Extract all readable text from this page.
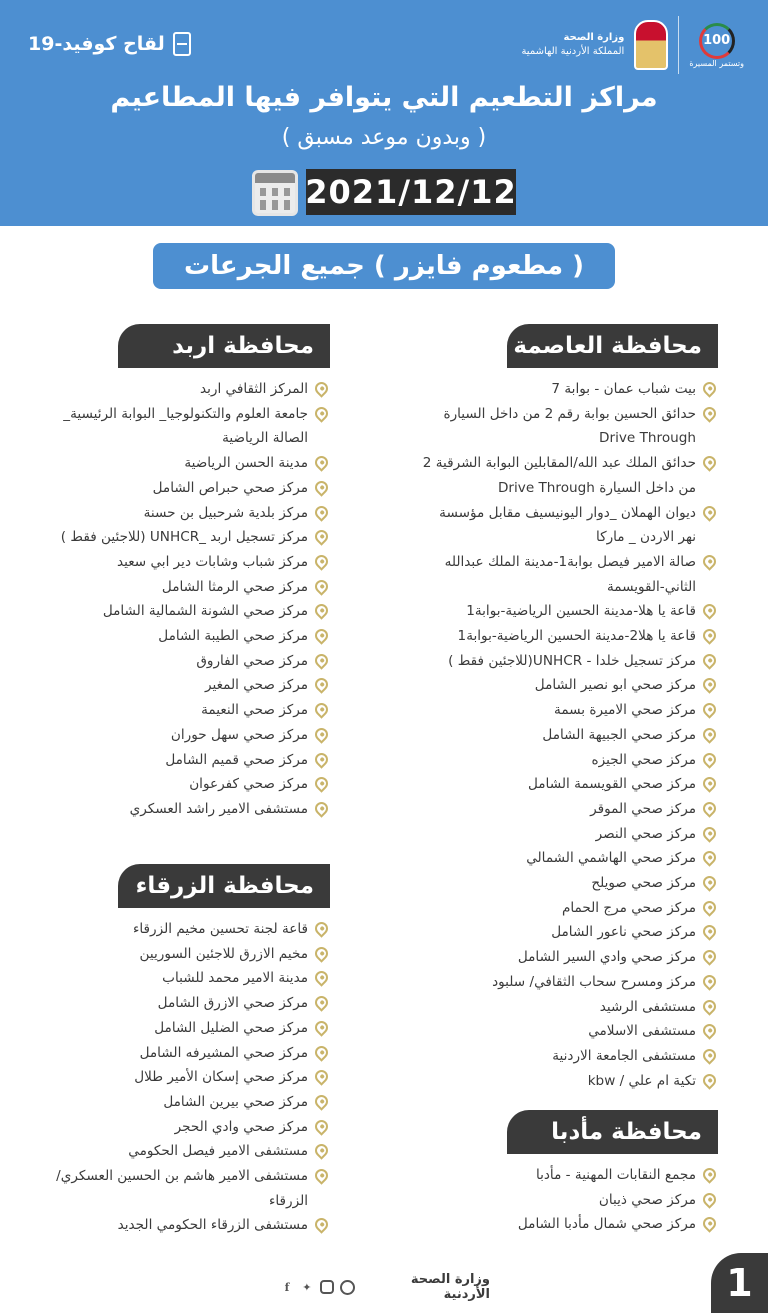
لقاح كوفيد-19	وزارة الصحة
المملكة الأردنية الهاشمية
100
وتستمر المسيرة
مراكز التطعيم التي يتوافر فيها المطاعيم
( وبدون موعد مسبق )
2021/12/12
( مطعوم فايزر ) جميع الجرعات
محافظة العاصمة
بيت شباب عمان - بوابة 7
حدائق الحسين بوابة رقم 2 من داخل السيارة Drive Through
حدائق الملك عبد الله/المقابلين البوابة الشرقية 2 من داخل السيارة Drive Through
ديوان الهملان _دوار اليونيسيف مقابل مؤسسة نهر الاردن _ ماركا
صالة الامير فيصل بوابة1-مدينة الملك عبدالله الثاني-القويسمة
قاعة يا هلا-مدينة الحسين الرياضية-بوابة1
قاعة يا هلا2-مدينة الحسين الرياضية-بوابة1
مركز تسجيل خلدا - UNHCR(للاجئين فقط )
مركز صحي ابو نصير الشامل
مركز صحي الاميرة بسمة
مركز صحي الجبيهة الشامل
مركز صحي الجيزه
مركز صحي القويسمة الشامل
مركز صحي الموقر
مركز صحي النصر
مركز صحي الهاشمي الشمالي
مركز صحي صويلح
مركز صحي مرج الحمام
مركز صحي ناعور الشامل
مركز صحي وادي السير الشامل
مركز ومسرح سحاب الثقافي/ سلبود
مستشفى الرشيد
مستشفى الاسلامي
مستشفى الجامعة الاردنية
تكية ام علي / kbw
محافظة مأدبا
مجمع النقابات المهنية - مأدبا
مركز صحي ذيبان
مركز صحي شمال مأدبا الشامل
محافظة اربد
المركز الثقافي اربد
جامعة العلوم والتكنولوجيا_ البوابة الرئيسية_ الصالة الرياضية
مدينة الحسن الرياضية
مركز صحي حبراص الشامل
مركز بلدية شرحبيل بن حسنة
مركز تسجيل اربد _UNHCR (للاجئين فقط )
مركز شباب وشابات دير ابي سعيد
مركز صحي الرمثا الشامل
مركز صحي الشونة الشمالية الشامل
مركز صحي الطيبة الشامل
مركز صحي الفاروق
مركز صحي المغير
مركز صحي النعيمة
مركز صحي سهل حوران
مركز صحي قميم الشامل
مركز صحي كفرعوان
مستشفى الامير راشد العسكري
محافظة الزرقاء
قاعة لجنة تحسين مخيم الزرقاء
مخيم الازرق للاجئين السوريين
مدينة الامير محمد للشباب
مركز صحي الازرق الشامل
مركز صحي الضليل الشامل
مركز صحي المشيرفه الشامل
مركز صحي إسكان الأمير طلال
مركز صحي بيرين الشامل
مركز صحي وادي الحجر
مستشفى الامير فيصل الحكومي
مستشفى الامير هاشم بن الحسين العسكري/الزرقاء
مستشفى الزرقاء الحكومي الجديد
وزارة الصحة الأردنية
✦
f	1
